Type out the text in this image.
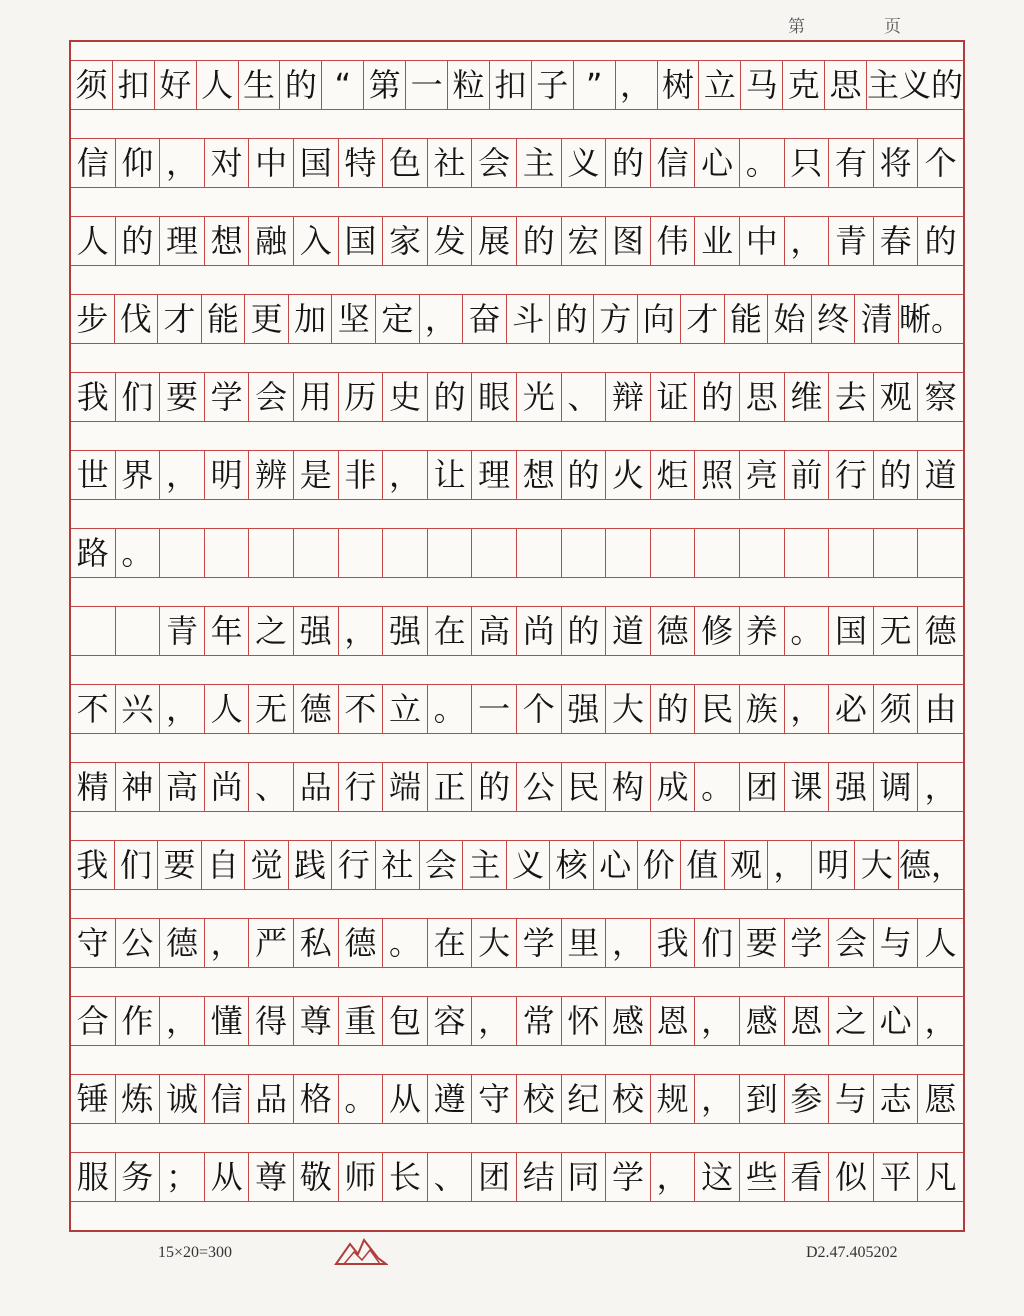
第	页
须 扣 好 人 生 的 “ 第 一 粒 扣 子 ” ， 树 立 马 克 思 主义的
信 仰 ， 对 中 国 特 色 社 会 主 义 的 信 心 。 只 有 将 个
人 的 理 想 融 入 国 家 发 展 的 宏 图 伟 业 中 ， 青 春 的
步 伐 才 能 更 加 坚 定 ， 奋 斗 的 方 向 才 能 始 终 清 晰。
我 们 要 学 会 用 历 史 的 眼 光 、 辩 证 的 思 维 去 观 察
世 界 ， 明 辨 是 非 ， 让 理 想 的 火 炬 照 亮 前 行 的 道
路 。

青 年 之 强 ， 强 在 高 尚 的 道 德 修 养 。 国 无 德
不 兴 ， 人 无 德 不 立 。 一 个 强 大 的 民 族 ， 必 须 由
精 神 高 尚 、 品 行 端 正 的 公 民 构 成 。 团 课 强 调 ，
我 们 要 自 觉 践 行 社 会 主 义 核 心 价 值 观 ， 明 大 德，
守 公 德 ， 严 私 德 。 在 大 学 里 ， 我 们 要 学 会 与 人
合 作 ， 懂 得 尊 重 包 容 ， 常 怀 感 恩 ， 感 恩 之 心 ，
锤 炼 诚 信 品 格 。 从 遵 守 校 纪 校 规 ， 到 参 与 志 愿
服 务 ； 从 尊 敬 师 长 、 团 结 同 学 ， 这 些 看 似 平 凡
15×20=300	D2.47.405202
